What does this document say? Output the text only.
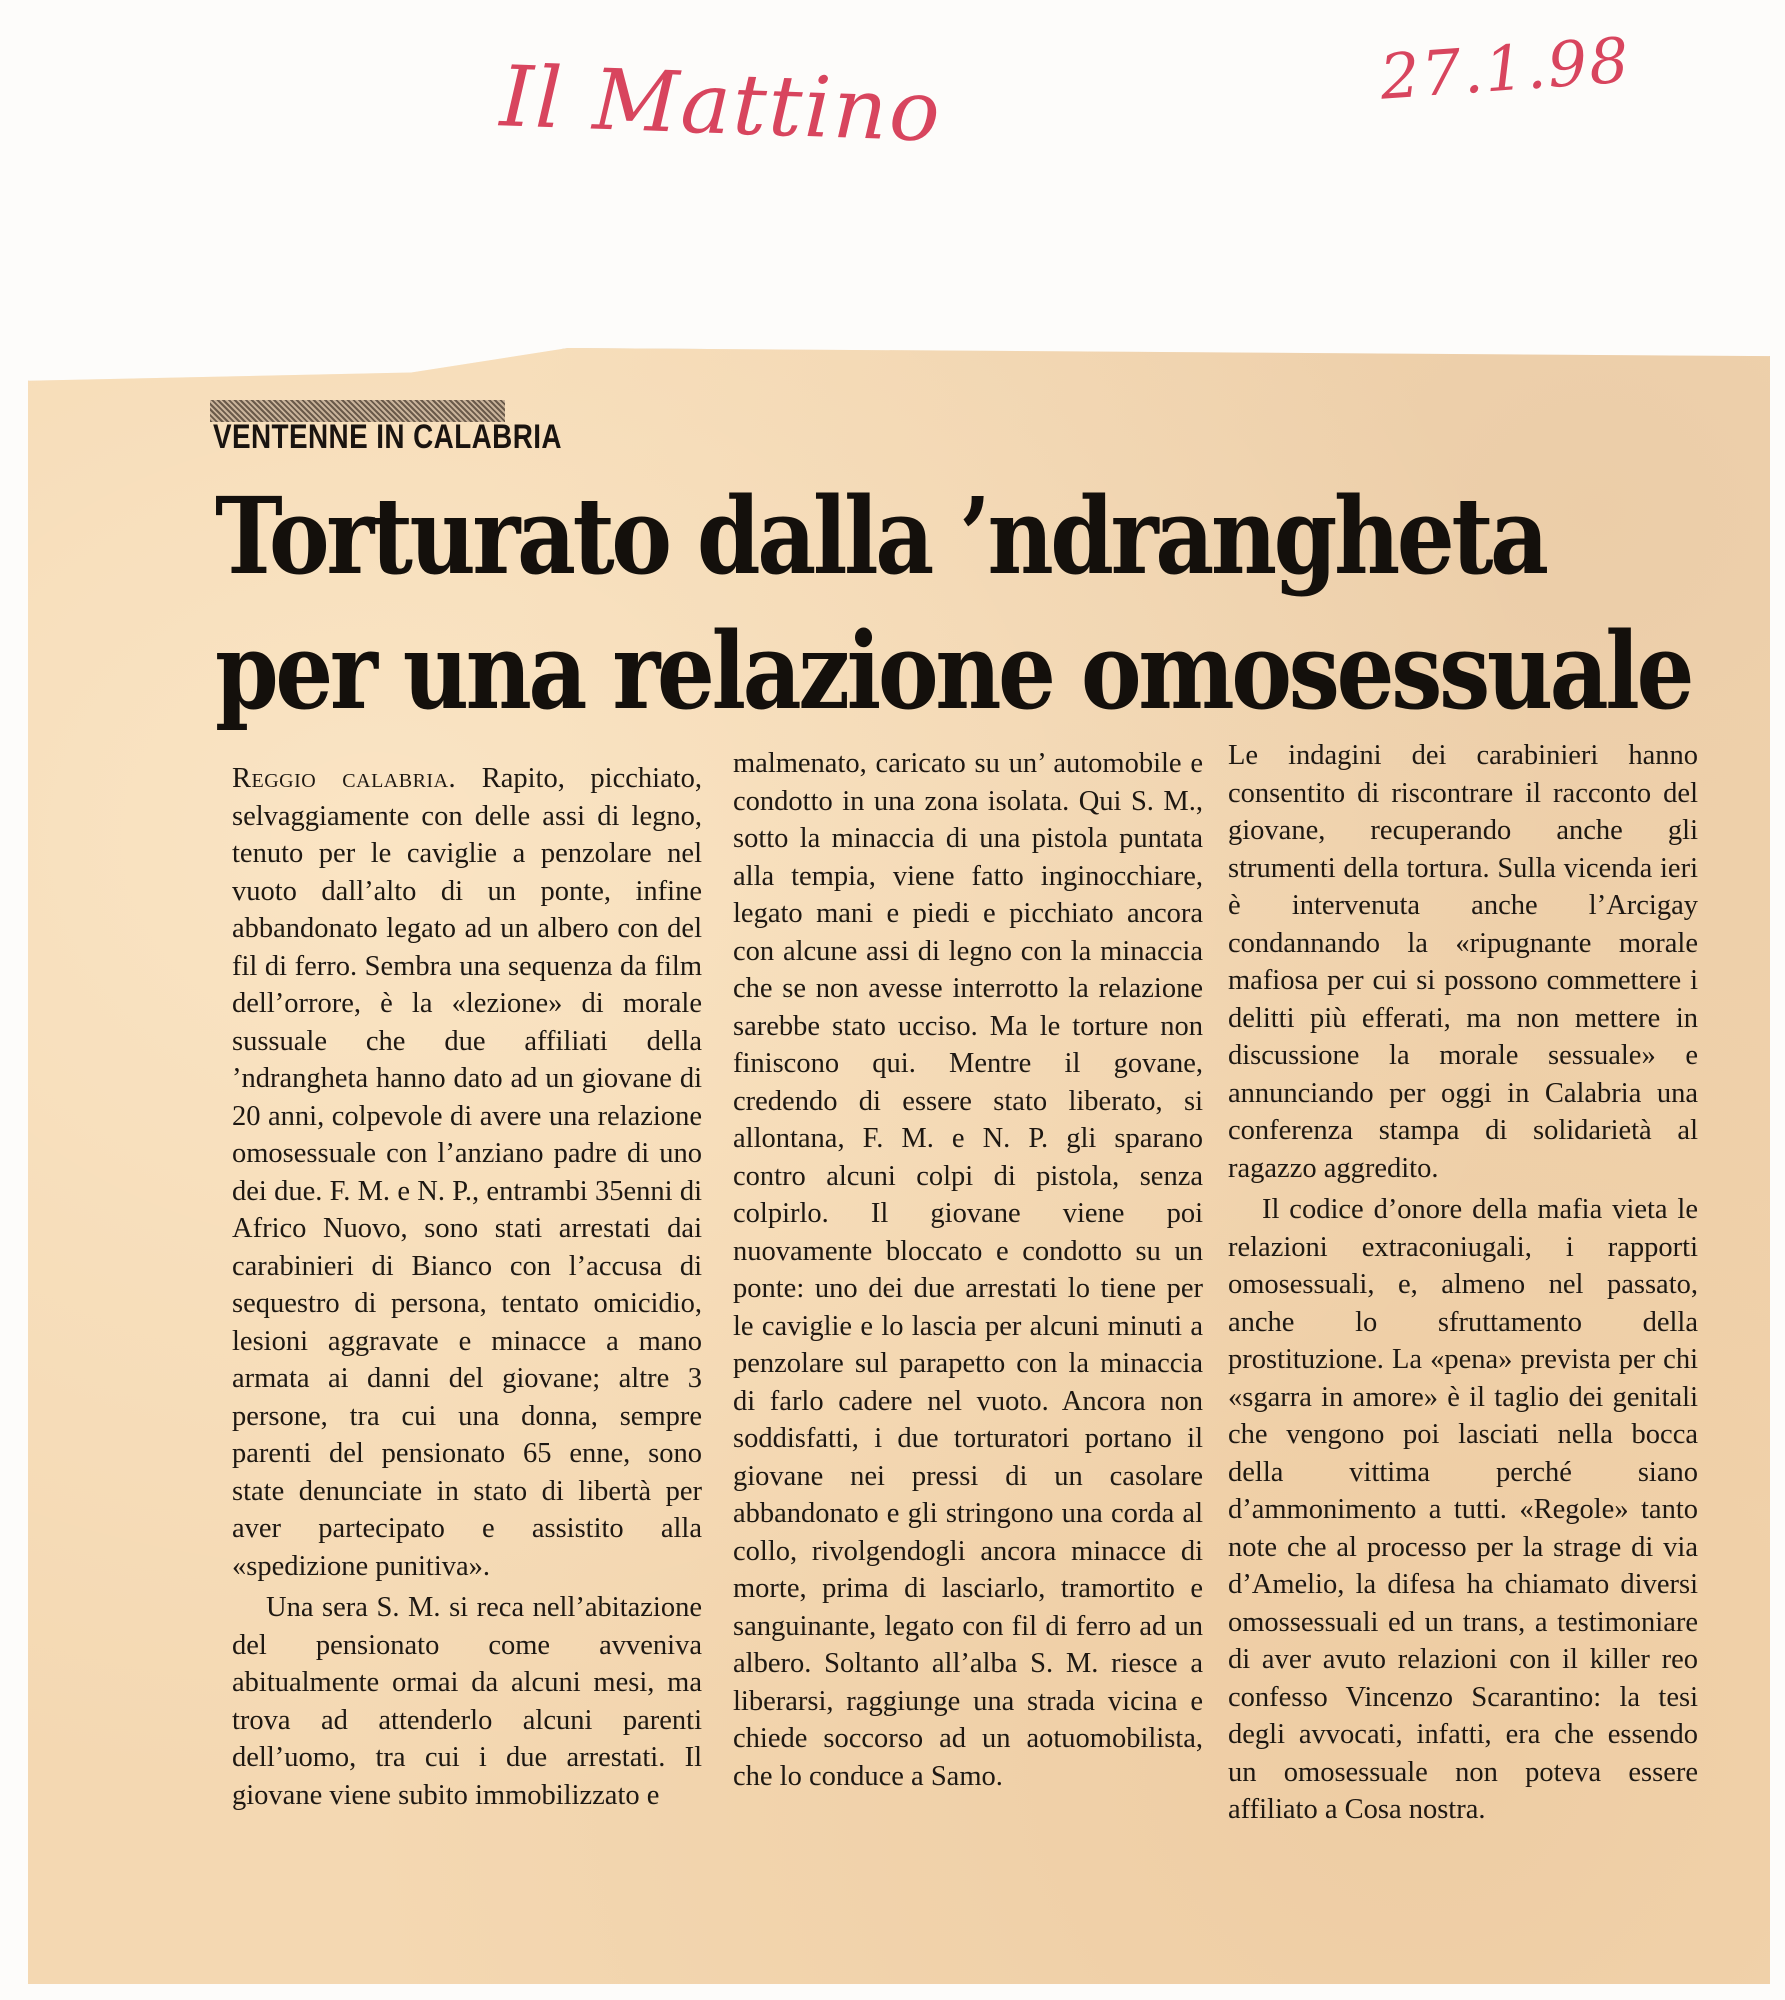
Il Mattino	27.1.98
VENTENNE IN CALABRIA
Torturato dalla ’ndrangheta
per una relazione omosessuale

Reggio calabria. Rapito, picchiato, selvaggiamente con delle assi di legno, tenuto per le caviglie a penzolare nel vuoto dall’alto di un ponte, infine abbandonato legato ad un albero con del fil di ferro. Sembra una sequenza da film dell’orrore, è la «lezione» di morale sussuale che due affiliati della ’ndrangheta hanno dato ad un giovane di 20 anni, colpevole di avere una relazione omosessuale con l’anziano padre di uno dei due. F. M. e N. P., entrambi 35enni di Africo Nuovo, sono stati arrestati dai carabinieri di Bianco con l’accusa di sequestro di persona, tentato omicidio, lesioni aggravate e minacce a mano armata ai danni del giovane; altre 3 persone, tra cui una donna, sempre parenti del pensionato 65 enne, sono state denunciate in stato di libertà per aver partecipato e assistito alla «spedizione punitiva».

Una sera S. M. si reca nell’abitazione del pensionato come avveniva abitualmente ormai da alcuni mesi, ma trova ad attenderlo alcuni parenti dell’uomo, tra cui i due arrestati. Il giovane viene subito immobilizzato e

malmenato, caricato su un’ automobile e condotto in una zona isolata. Qui S. M., sotto la minaccia di una pistola puntata alla tempia, viene fatto inginocchiare, legato mani e piedi e picchiato ancora con alcune assi di legno con la minaccia che se non avesse interrotto la relazione sarebbe stato ucciso. Ma le torture non finiscono qui. Mentre il govane, credendo di essere stato liberato, si allontana, F. M. e N. P. gli sparano contro alcuni colpi di pistola, senza colpirlo. Il giovane viene poi nuovamente bloccato e condotto su un ponte: uno dei due arrestati lo tiene per le caviglie e lo lascia per alcuni minuti a penzolare sul parapetto con la minaccia di farlo cadere nel vuoto. Ancora non soddisfatti, i due torturatori portano il giovane nei pressi di un casolare abbandonato e gli stringono una corda al collo, rivolgendogli ancora minacce di morte, prima di lasciarlo, tramortito e sanguinante, legato con fil di ferro ad un albero. Soltanto all’alba S. M. riesce a liberarsi, raggiunge una strada vicina e chiede soccorso ad un aotuomobilista, che lo conduce a Samo.

Le indagini dei carabinieri hanno consentito di riscontrare il racconto del giovane, recuperando anche gli strumenti della tortura. Sulla vicenda ieri è intervenuta anche l’Arcigay condannando la «ripugnante morale mafiosa per cui si possono commettere i delitti più efferati, ma non mettere in discussione la morale sessuale» e annunciando per oggi in Calabria una conferenza stampa di solidarietà al ragazzo aggredito.

Il codice d’onore della mafia vieta le relazioni extraconiugali, i rapporti omosessuali, e, almeno nel passato, anche lo sfruttamento della prostituzione. La «pena» prevista per chi «sgarra in amore» è il taglio dei genitali che vengono poi lasciati nella bocca della vittima perché siano d’ammonimento a tutti. «Regole» tanto note che al processo per la strage di via d’Amelio, la difesa ha chiamato diversi omossessuali ed un trans, a testimoniare di aver avuto relazioni con il killer reo confesso Vincenzo Scarantino: la tesi degli avvocati, infatti, era che essendo un omosessuale non poteva essere affiliato a Cosa nostra.
